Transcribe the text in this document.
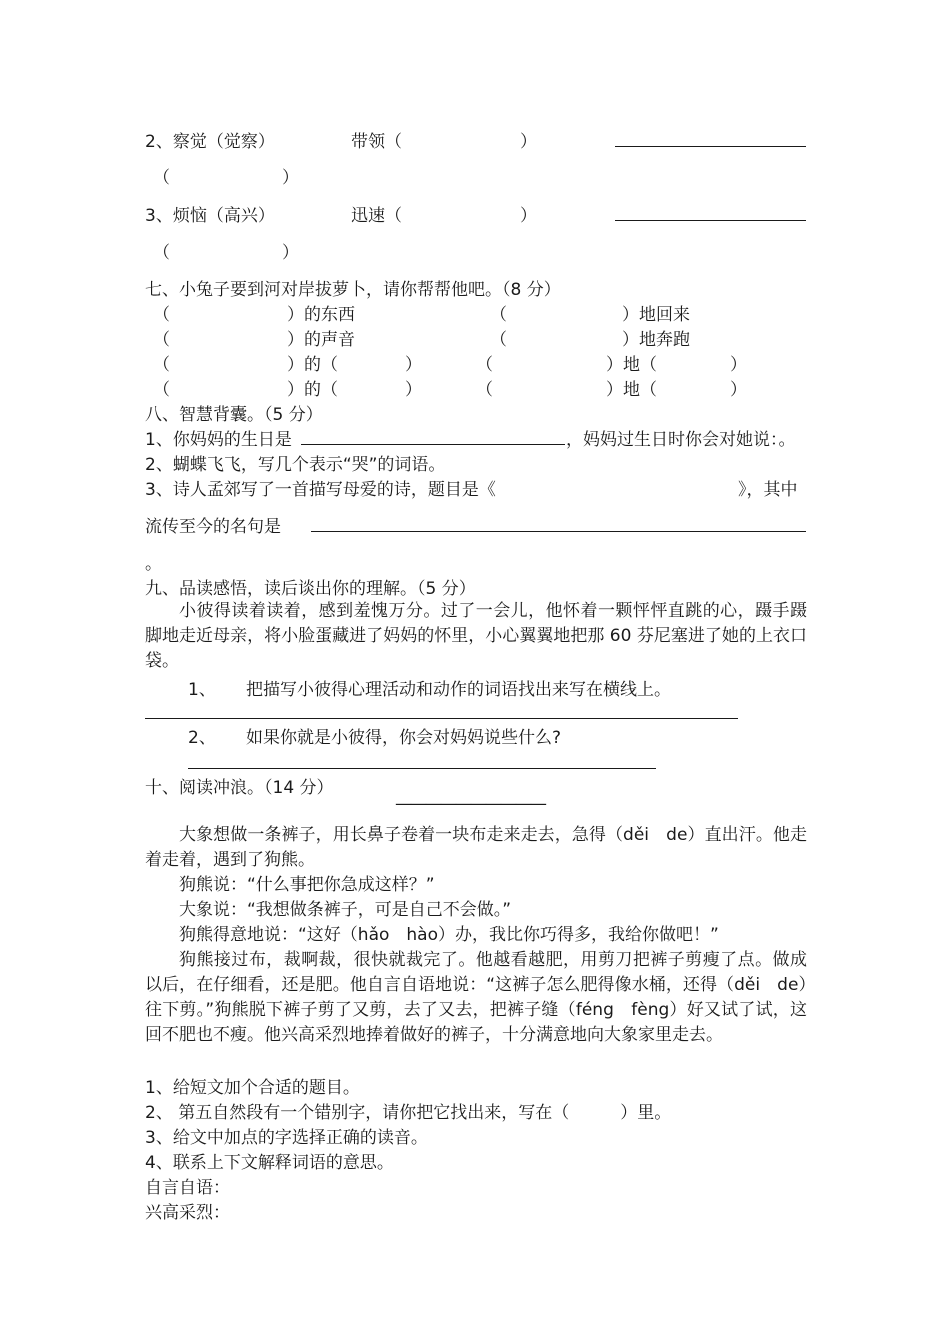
2、察觉（觉察）	带领（	）
（	）
3、烦恼（高兴）	迅速（	）
（	）
七、小兔子要到河对岸拔萝卜，请你帮帮他吧。（8 分）
（	）的东西	（	）地回来
（	）的声音	（	）地奔跑
（	）的（	）	（	）地（	）
（	）的（	）	（	）地（	）
八、智慧背囊。（5 分）
1、你妈妈的生日是	，妈妈过生日时你会对她说：。
2、蝴蝶飞飞，写几个表示“哭”的词语。
3、诗人孟郊写了一首描写母爱的诗，题目是《	》，其中
流传至今的名句是
。
九、品读感悟，读后谈出你的理解。（5 分）
小彼得读着读着，感到羞愧万分。过了一会儿，他怀着一颗怦怦直跳的心，蹑手蹑脚地走近母亲，将小脸蛋藏进了妈妈的怀里，小心翼翼地把那 60 芬尼塞进了她的上衣口袋。
1、 把描写小彼得心理活动和动作的词语找出来写在横线上。
2、 如果你就是小彼得，你会对妈妈说些什么?
十、阅读冲浪。（14 分）
——————————
大象想做一条裤子，用长鼻子卷着一块布走来走去，急得（děi　de）直出汗。他走着走着，遇到了狗熊。
狗熊说：“什么事把你急成这样？”
大象说：“我想做条裤子，可是自己不会做。”
狗熊得意地说：“这好（hǎo　hào）办，我比你巧得多，我给你做吧！”
狗熊接过布，裁啊裁，很快就裁完了。他越看越肥，用剪刀把裤子剪瘦了点。做成以后，在仔细看，还是肥。他自言自语地说：“这裤子怎么肥得像水桶，还得（děi　de）往下剪。”狗熊脱下裤子剪了又剪，去了又去，把裤子缝（féng　fèng）好又试了试，这回不肥也不瘦。他兴高采烈地捧着做好的裤子，十分满意地向大象家里走去。
1、给短文加个合适的题目。
2、 第五自然段有一个错别字，请你把它找出来，写在（　　　）里。
3、给文中加点的字选择正确的读音。
4、联系上下文解释词语的意思。
自言自语：
兴高采烈：
